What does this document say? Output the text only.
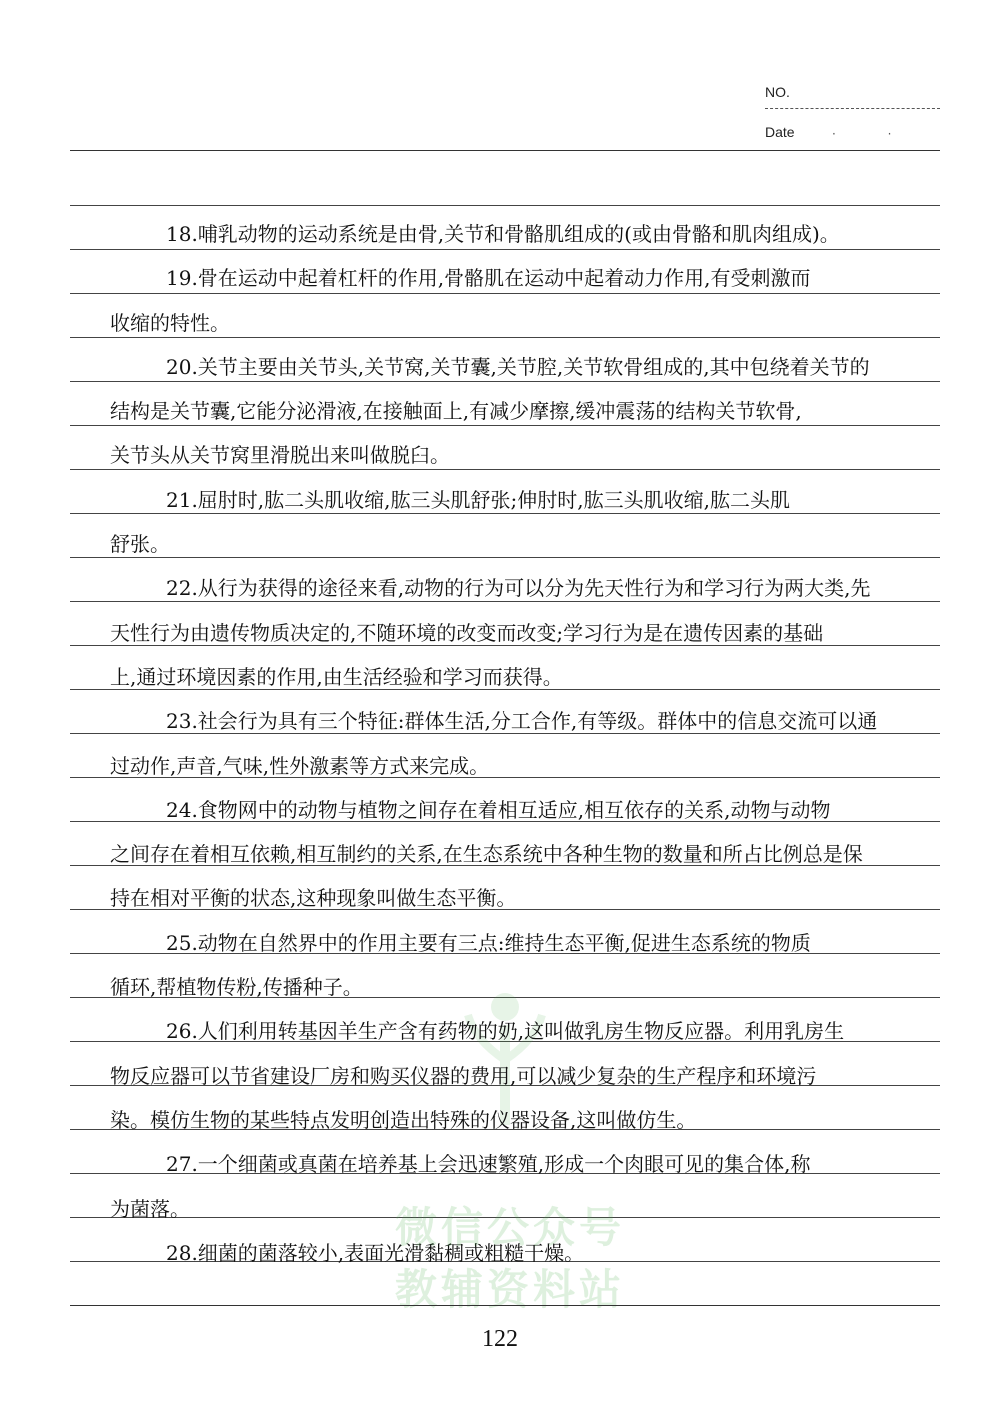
NO.
Date	· ·
18.哺乳动物的运动系统是由骨,关节和骨骼肌组成的(或由骨骼和肌肉组成)。
19.骨在运动中起着杠杆的作用,骨骼肌在运动中起着动力作用,有受刺激而
收缩的特性。
20.关节主要由关节头,关节窝,关节囊,关节腔,关节软骨组成的,其中包绕着关节的
结构是关节囊,它能分泌滑液,在接触面上,有减少摩擦,缓冲震荡的结构关节软骨,
关节头从关节窝里滑脱出来叫做脱臼。
21.屈肘时,肱二头肌收缩,肱三头肌舒张;伸肘时,肱三头肌收缩,肱二头肌
舒张。
22.从行为获得的途径来看,动物的行为可以分为先天性行为和学习行为两大类,先
天性行为由遗传物质决定的,不随环境的改变而改变;学习行为是在遗传因素的基础
上,通过环境因素的作用,由生活经验和学习而获得。
23.社会行为具有三个特征:群体生活,分工合作,有等级。群体中的信息交流可以通
过动作,声音,气味,性外激素等方式来完成。
24.食物网中的动物与植物之间存在着相互适应,相互依存的关系,动物与动物
之间存在着相互依赖,相互制约的关系,在生态系统中各种生物的数量和所占比例总是保
持在相对平衡的状态,这种现象叫做生态平衡。
25.动物在自然界中的作用主要有三点:维持生态平衡,促进生态系统的物质
循环,帮植物传粉,传播种子。
26.人们利用转基因羊生产含有药物的奶,这叫做乳房生物反应器。利用乳房生
物反应器可以节省建设厂房和购买仪器的费用,可以减少复杂的生产程序和环境污
染。模仿生物的某些特点发明创造出特殊的仪器设备,这叫做仿生。
27.一个细菌或真菌在培养基上会迅速繁殖,形成一个肉眼可见的集合体,称
为菌落。
28.细菌的菌落较小,表面光滑黏稠或粗糙干燥。
微信公众号
教辅资料站
122
